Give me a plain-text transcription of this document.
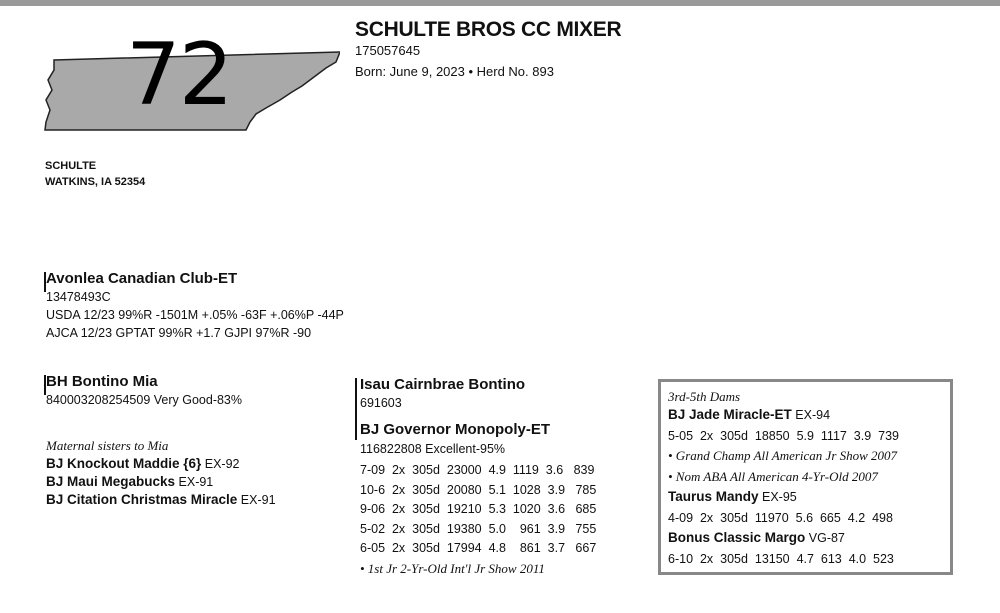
72	SCHULTE BROS CC MIXER
175057645
Born: June 9, 2023 • Herd No. 893
SCHULTE
WATKINS, IA 52354
Avonlea Canadian Club-ET
13478493C
USDA 12/23 99%R -1501M +.05% -63F +.06%P -44P
AJCA 12/23 GPTAT 99%R +1.7 GJPI 97%R -90
BH Bontino Mia
840003208254509 Very Good-83%
Maternal sisters to Mia
BJ Knockout Maddie {6} EX-92
BJ Maui Megabucks EX-91
BJ Citation Christmas Miracle EX-91
Isau Cairnbrae Bontino
691603
BJ Governor Monopoly-ET
116822808 Excellent-95%
7-09  2x  305d  23000  4.9  1119  3.6   839
10-6  2x  305d  20080  5.1  1028  3.9   785
9-06  2x  305d  19210  5.3  1020  3.6   685
5-02  2x  305d  19380  5.0    961  3.9   755
6-05  2x  305d  17994  4.8    861  3.7   667
• 1st Jr 2-Yr-Old Int'l Jr Show 2011
3rd-5th Dams
BJ Jade Miracle-ET EX-94
5-05  2x  305d  18850  5.9  1117  3.9  739
• Grand Champ All American Jr Show 2007
• Nom ABA All American 4-Yr-Old 2007
Taurus Mandy EX-95
4-09  2x  305d  11970  5.6  665  4.2  498
Bonus Classic Margo VG-87
6-10  2x  305d  13150  4.7  613  4.0  523
